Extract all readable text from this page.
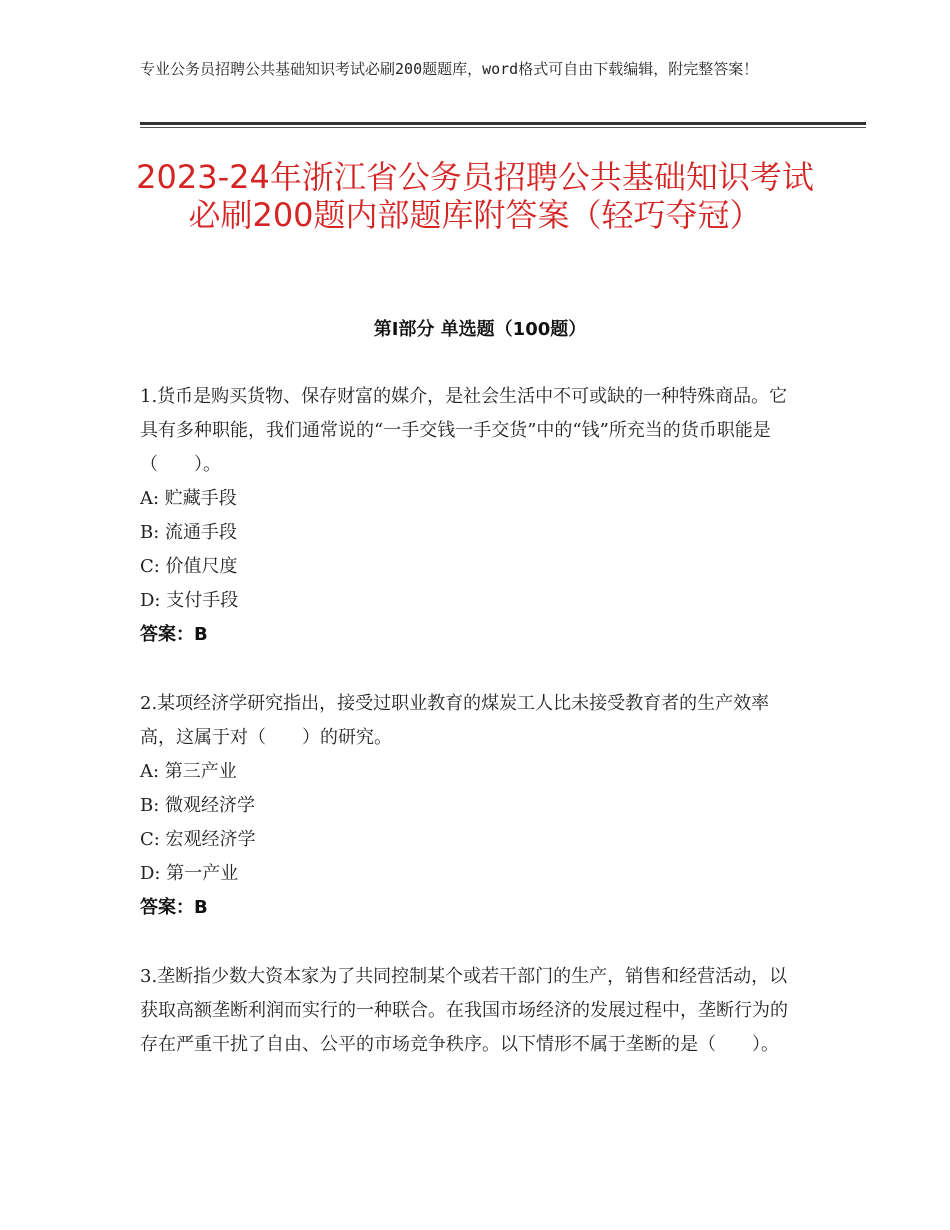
专业公务员招聘公共基础知识考试必刷200题题库，word格式可自由下载编辑，附完整答案！
2023-24年浙江省公务员招聘公共基础知识考试必刷200题内部题库附答案（轻巧夺冠）
第Ⅰ部分 单选题（100题）

1.货币是购买货物、保存财富的媒介，是社会生活中不可或缺的一种特殊商品。它具有多种职能，我们通常说的“一手交钱一手交货”中的“钱”所充当的货币职能是（　　）。

A: 贮藏手段
B: 流通手段
C: 价值尺度
D: 支付手段
答案：B

2.某项经济学研究指出，接受过职业教育的煤炭工人比未接受教育者的生产效率高，这属于对（　　）的研究。

A: 第三产业
B: 微观经济学
C: 宏观经济学
D: 第一产业
答案：B

3.垄断指少数大资本家为了共同控制某个或若干部门的生产，销售和经营活动，以获取高额垄断利润而实行的一种联合。在我国市场经济的发展过程中，垄断行为的存在严重干扰了自由、公平的市场竞争秩序。以下情形不属于垄断的是（　　）。
